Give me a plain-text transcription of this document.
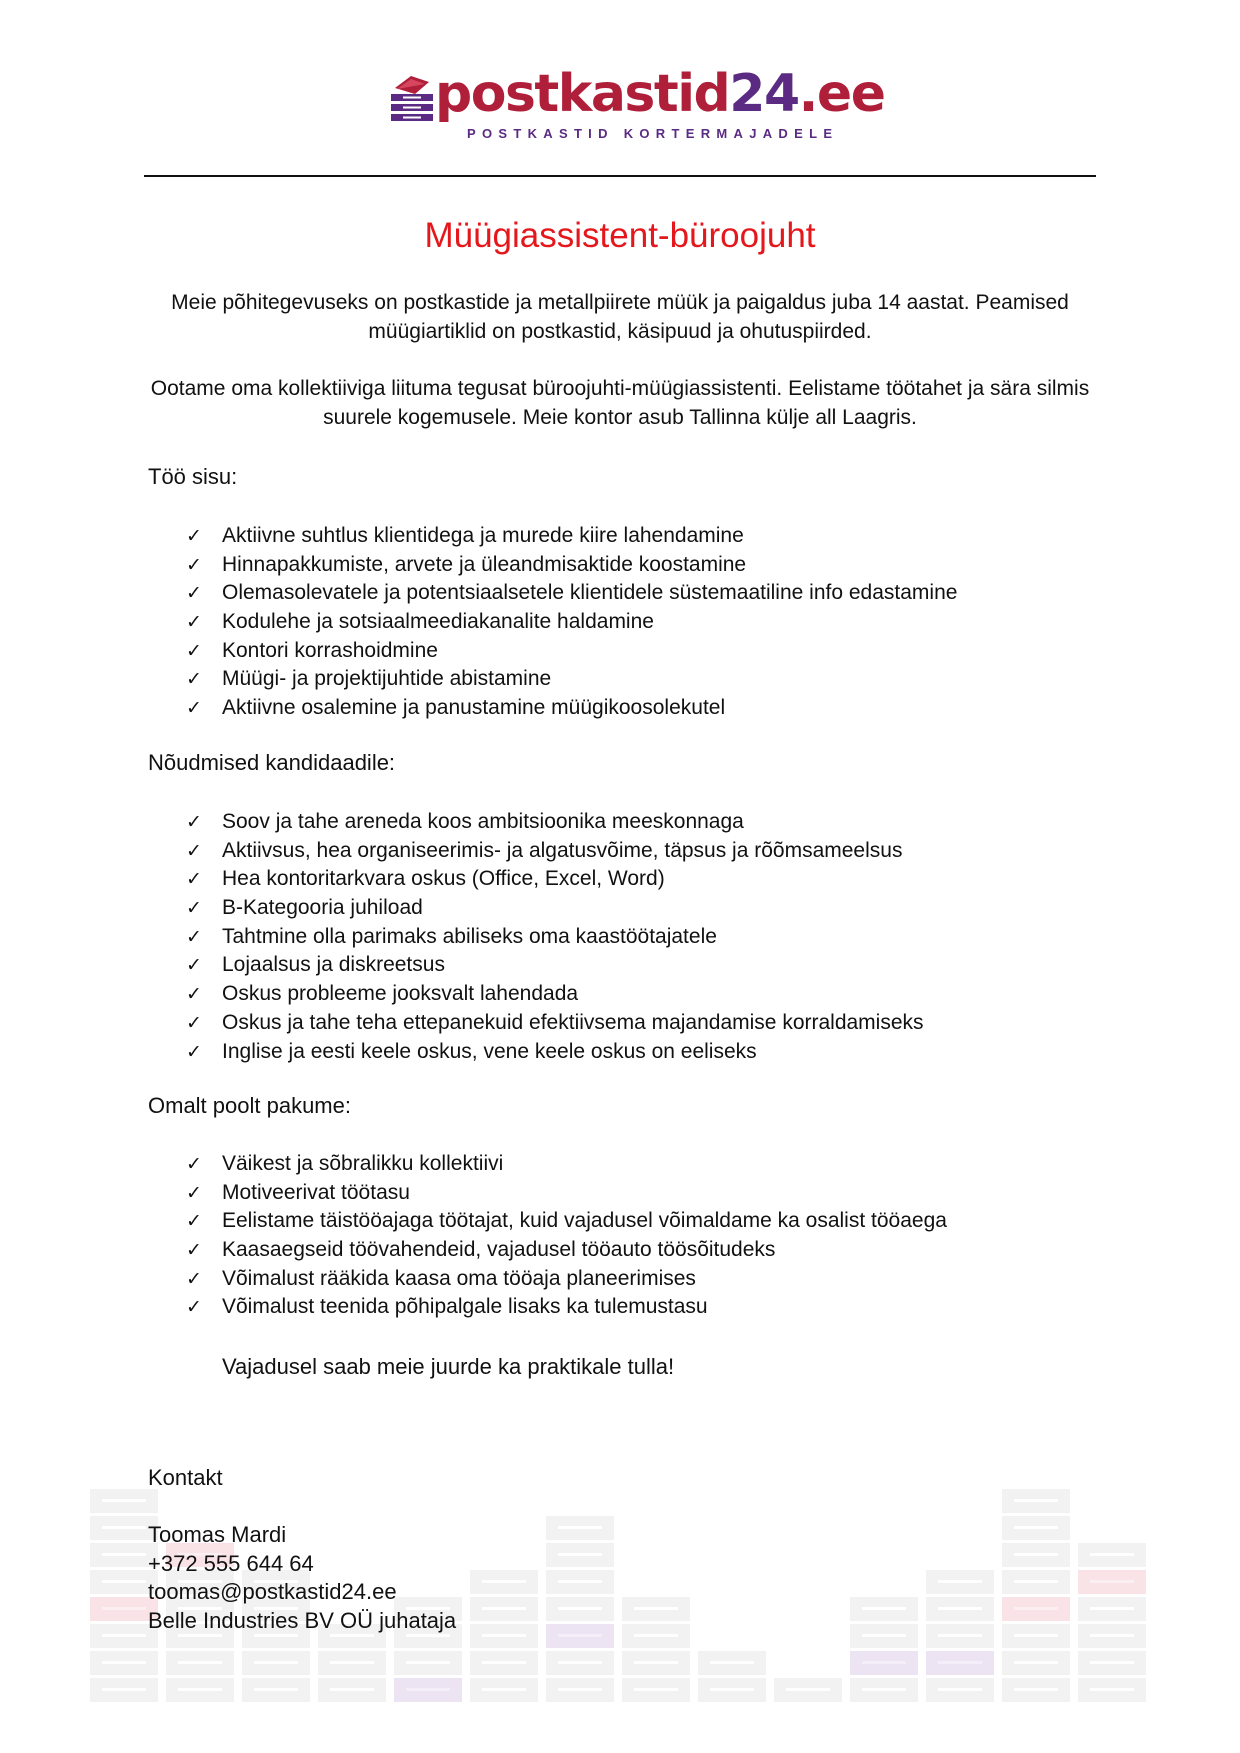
postkastid24.ee
POSTKASTID KORTERMAJADELE
Müügiassistent-büroojuht

Meie põhitegevuseks on postkastide ja metallpiirete müük ja paigaldus juba 14 aastat. Peamised müügiartiklid on postkastid, käsipuud ja ohutuspiirded.

Ootame oma kollektiiviga liituma tegusat büroojuhti-müügiassistenti. Eelistame töötahet ja sära silmis suurele kogemusele. Meie kontor asub Tallinna külje all Laagris.

Töö sisu:

✓ Aktiivne suhtlus klientidega ja murede kiire lahendamine
✓ Hinnapakkumiste, arvete ja üleandmisaktide koostamine
✓ Olemasolevatele ja potentsiaalsetele klientidele süstemaatiline info edastamine
✓ Kodulehe ja sotsiaalmeediakanalite haldamine
✓ Kontori korrashoidmine
✓ Müügi- ja projektijuhtide abistamine
✓ Aktiivne osalemine ja panustamine müügikoosolekutel

Nõudmised kandidaadile:

✓ Soov ja tahe areneda koos ambitsioonika meeskonnaga
✓ Aktiivsus, hea organiseerimis- ja algatusvõime, täpsus ja rõõmsameelsus
✓ Hea kontoritarkvara oskus (Office, Excel, Word)
✓ B-Kategooria juhiload
✓ Tahtmine olla parimaks abiliseks oma kaastöötajatele
✓ Lojaalsus ja diskreetsus
✓ Oskus probleeme jooksvalt lahendada
✓ Oskus ja tahe teha ettepanekuid efektiivsema majandamise korraldamiseks
✓ Inglise ja eesti keele oskus, vene keele oskus on eeliseks

Omalt poolt pakume:

✓ Väikest ja sõbralikku kollektiivi
✓ Motiveerivat töötasu
✓ Eelistame täistööajaga töötajat, kuid vajadusel võimaldame ka osalist tööaega
✓ Kaasaegseid töövahendeid, vajadusel tööauto töösõitudeks
✓ Võimalust rääkida kaasa oma tööaja planeerimises
✓ Võimalust teenida põhipalgale lisaks ka tulemustasu

Vajadusel saab meie juurde ka praktikale tulla!

Kontakt
Toomas Mardi
+372 555 644 64
toomas@postkastid24.ee
Belle Industries BV OÜ juhataja
